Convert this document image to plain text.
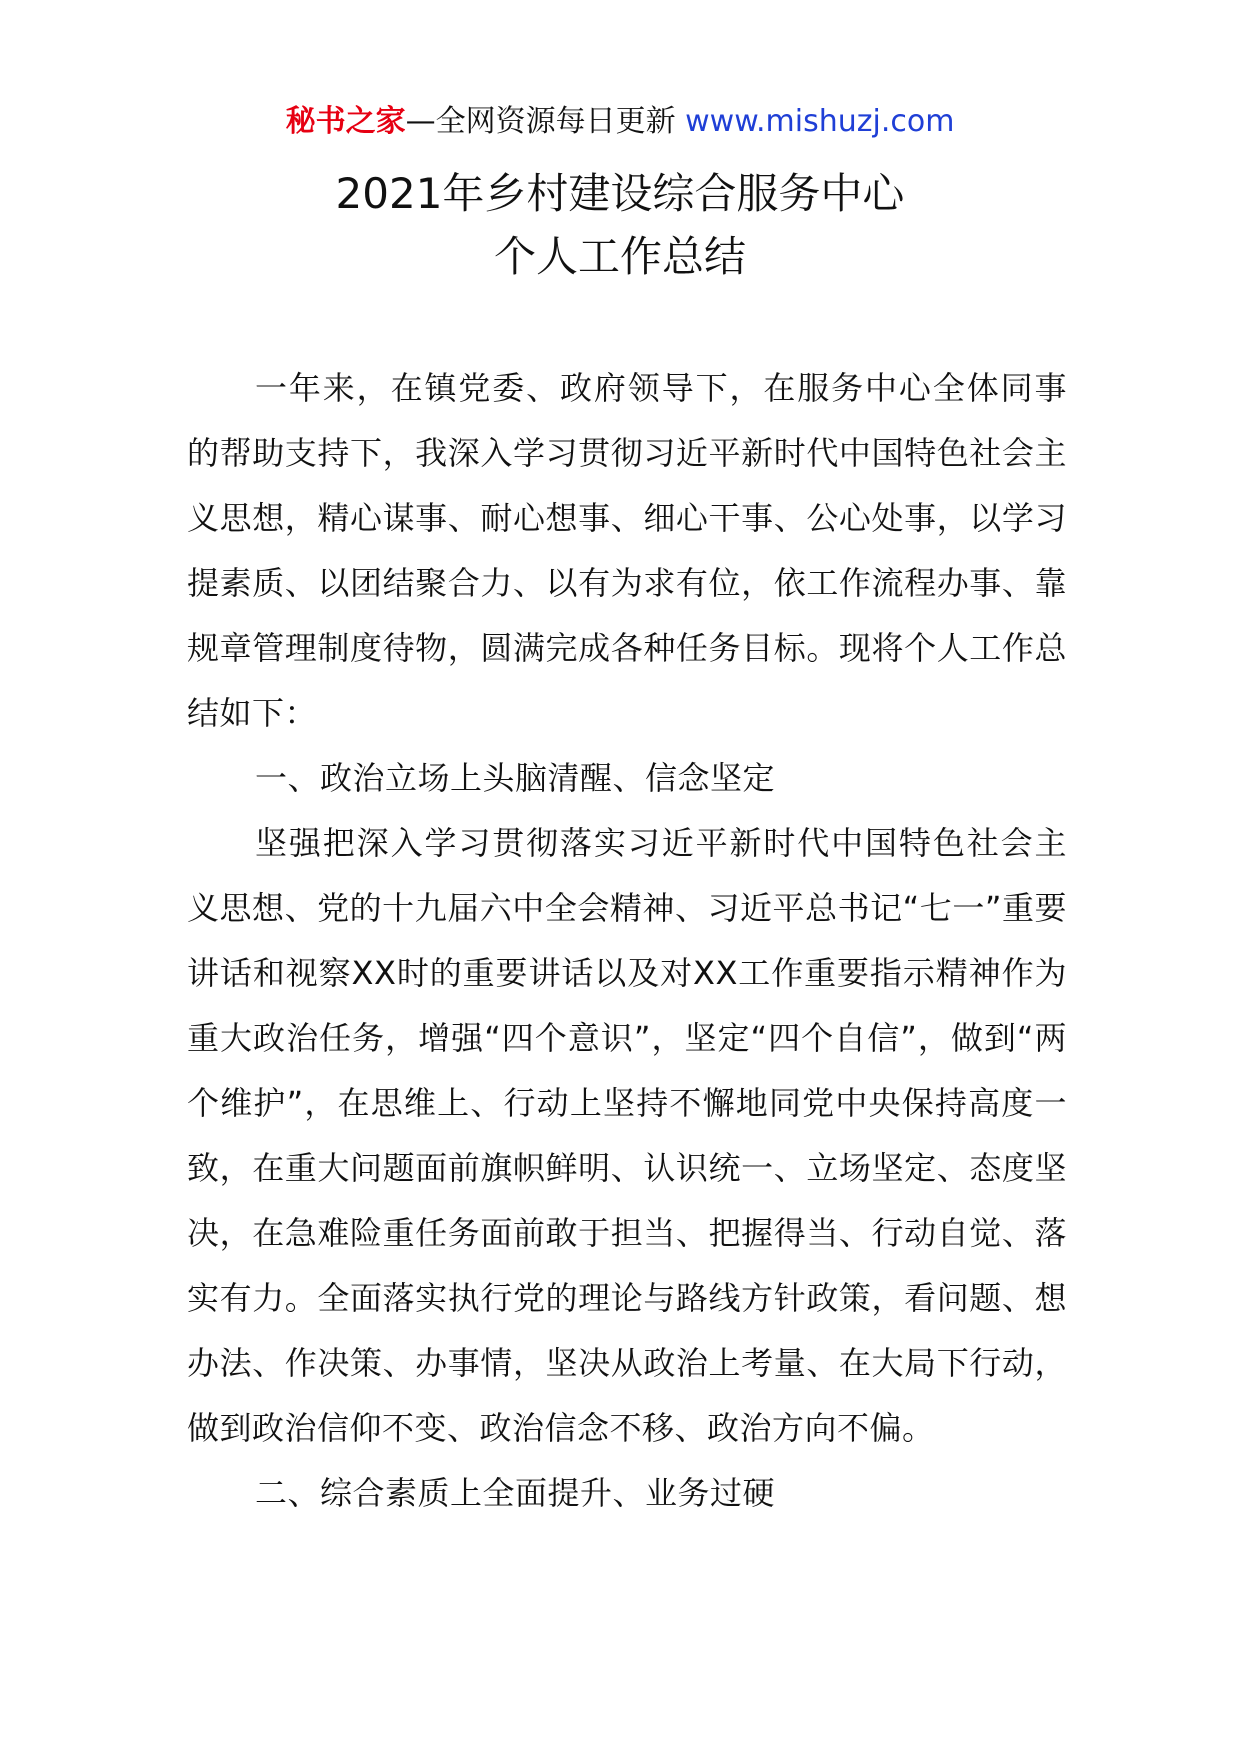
秘书之家—全网资源每日更新 www.mishuzj.com
2021年乡村建设综合服务中心
个人工作总结

一年来，在镇党委、政府领导下，在服务中心全体同事的帮助支持下，我深入学习贯彻习近平新时代中国特色社会主义思想，精心谋事、耐心想事、细心干事、公心处事，以学习提素质、以团结聚合力、以有为求有位，依工作流程办事、靠规章管理制度待物，圆满完成各种任务目标。现将个人工作总结如下：

一、政治立场上头脑清醒、信念坚定

坚强把深入学习贯彻落实习近平新时代中国特色社会主义思想、党的十九届六中全会精神、习近平总书记“七一”重要讲话和视察XX时的重要讲话以及对XX工作重要指示精神作为重大政治任务，增强“四个意识”，坚定“四个自信”，做到“两个维护”，在思维上、行动上坚持不懈地同党中央保持高度一致，在重大问题面前旗帜鲜明、认识统一、立场坚定、态度坚决，在急难险重任务面前敢于担当、把握得当、行动自觉、落实有力。全面落实执行党的理论与路线方针政策，看问题、想办法、作决策、办事情，坚决从政治上考量、在大局下行动，做到政治信仰不变、政治信念不移、政治方向不偏。

二、综合素质上全面提升、业务过硬
